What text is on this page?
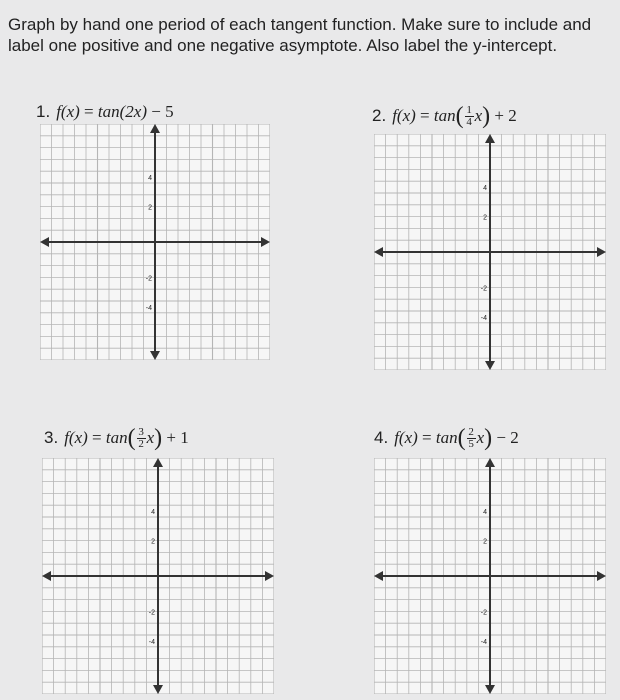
Graph by hand one period of each tangent function. Make sure to include and label one positive and one negative asymptote. Also label the y-intercept.

1. f(x)
=
tan (2x)
− 5	2. f(x)
=
tan ( $\frac{1}{4}$ x )
+ 2
3. f(x)
=
tan ( $\frac{3}{2}$ x )
+ 1	4. f(x)
=
tan ( $\frac{2}{5}$ x )
− 2
4
2
-2
-4
4
2
-2
-4
4
2
-2
-4
4
2
-2
-4
